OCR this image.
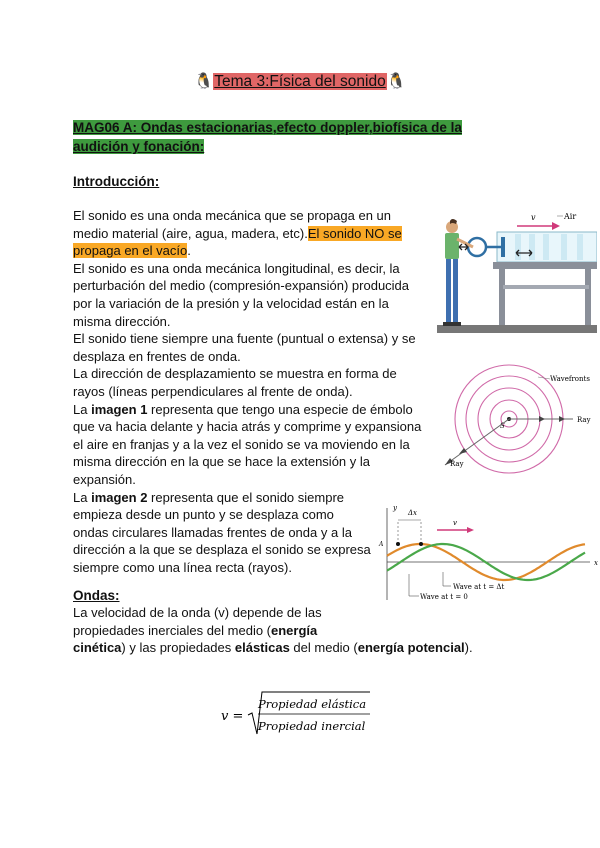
🐧Tema 3:Física del sonido🐧
MAG06 A: Ondas estacionarias,efecto doppler,biofísica de la audición y fonación:
Introducción:
El sonido es una onda mecánica que se propaga en un
medio material (aire, agua, madera, etc).El sonido NO se
propaga en el vacío.
El sonido es una onda mecánica longitudinal, es decir, la
perturbación del medio (compresión-expansión) producida
por la variación de la presión y la velocidad están en la
misma dirección.
El sonido tiene siempre una fuente (puntual o extensa) y se
desplaza en frentes de onda.
La dirección de desplazamiento se muestra en forma de
rayos (líneas perpendiculares al frente de onda).
La imagen 1 representa que tengo una especie de émbolo
que va hacia delante y hacia atrás y comprime y expansiona
el aire en franjas y a la vez el sonido se va moviendo en la
misma dirección en la que se hace la extensión y la
expansión.
La imagen 2 representa que el sonido siempre
empieza desde un punto y se desplaza como
ondas circulares llamadas frentes de onda y a la
dirección a la que se desplaza el sonido se expresa
siempre como una línea recta (rayos).
Ondas:
La velocidad de la onda (v) depende de las
propiedades inerciales del medio (energía
cinética) y las propiedades elásticas del medio (energía potencial).
v =
Propiedad elástica
Propiedad inercial
v	Air
S
Ray
Ray
Wavefronts
y
x
A
Δx
v
Wave at t = Δt
Wave at t = 0
